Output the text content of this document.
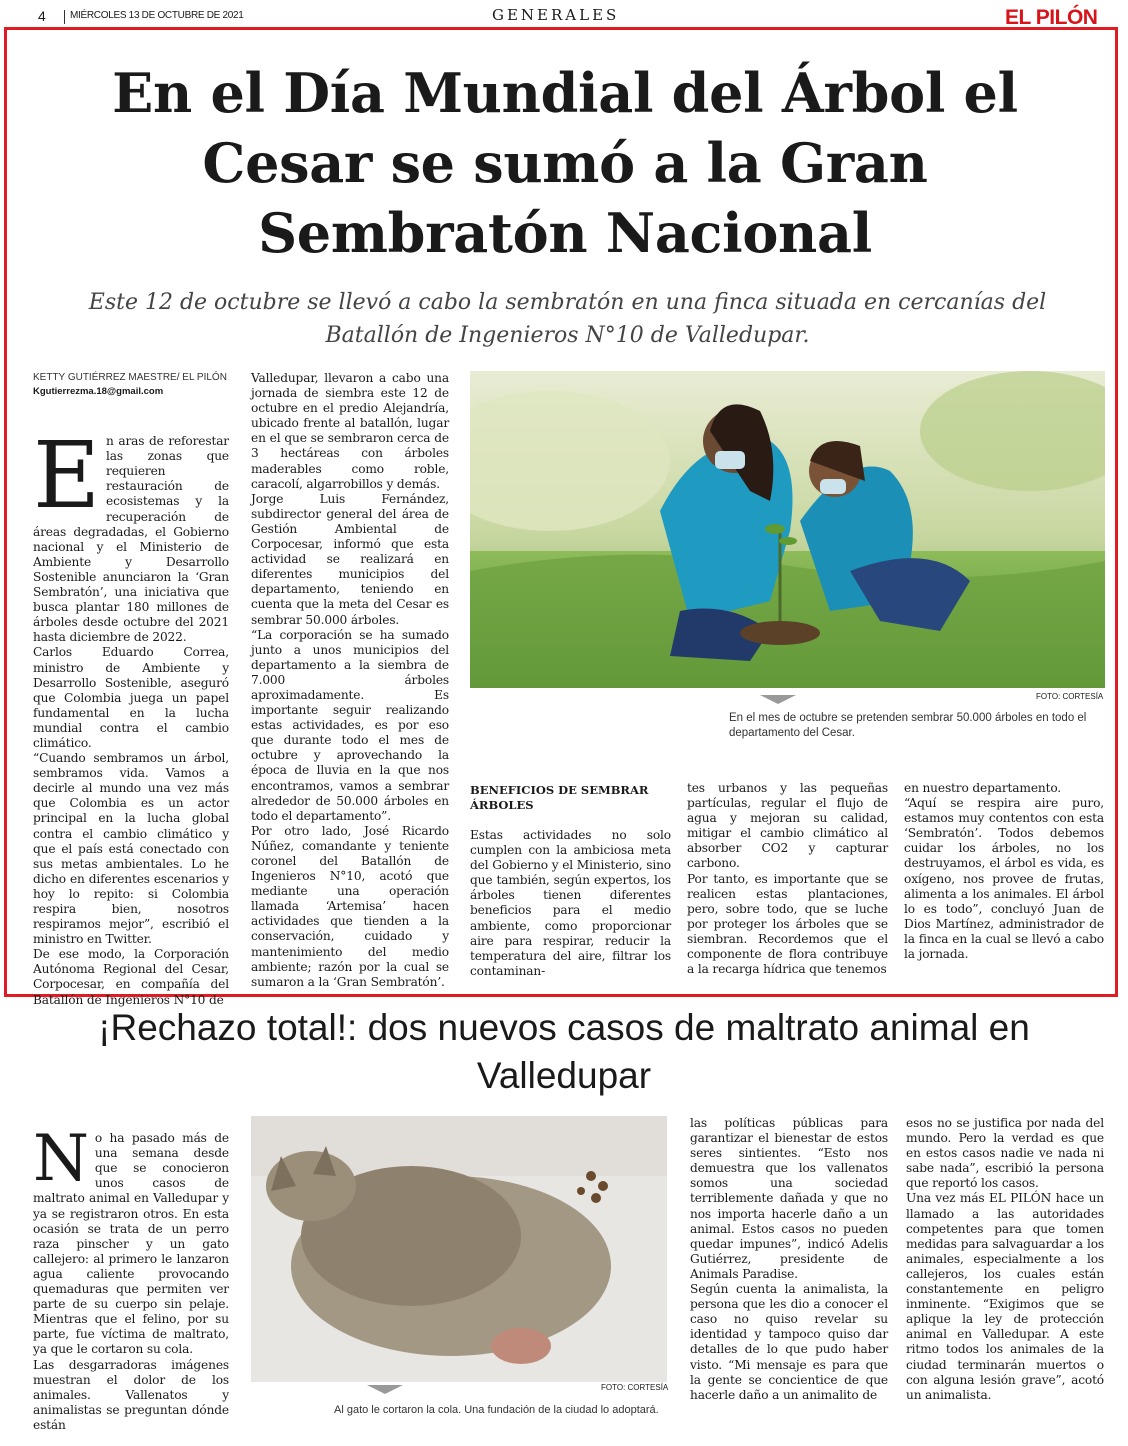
4 MIÉRCOLES 13 DE OCTUBRE DE 2021	GENERALES	EL PILÓN
En el Día Mundial del Árbol el Cesar se sumó a la Gran Sembratón Nacional
Este 12 de octubre se llevó a cabo la sembratón en una finca situada en cercanías del Batallón de Ingenieros N°10 de Valledupar.
KETTY GUTIÉRREZ MAESTRE/ EL PILÓN
Kgutierrezma.18@gmail.com

En aras de reforestar las zonas que requieren restauración de ecosistemas y la recuperación de áreas degradadas, el Gobierno nacional y el Ministerio de Ambiente y Desarrollo Sostenible anunciaron la ‘Gran Sembratón’, una iniciativa que busca plantar 180 millones de árboles desde octubre del 2021 hasta diciembre de 2022.
Carlos Eduardo Correa, ministro de Ambiente y Desarrollo Sostenible, aseguró que Colombia juega un papel fundamental en la lucha mundial contra el cambio climático.
“Cuando sembramos un árbol, sembramos vida. Vamos a decirle al mundo una vez más que Colombia es un actor principal en la lucha global contra el cambio climático y que el país está conectado con sus metas ambientales. Lo he dicho en diferentes escenarios y hoy lo repito: si Colombia respira bien, nosotros respiramos mejor”, escribió el ministro en Twitter.
De ese modo, la Corporación Autónoma Regional del Cesar, Corpocesar, en compañía del Batallón de Ingenieros N°10 de
Valledupar, llevaron a cabo una jornada de siembra este 12 de octubre en el predio Alejandría, ubicado frente al batallón, lugar en el que se sembraron cerca de 3 hectáreas con árboles maderables como roble, caracolí, algarrobillos y demás.
Jorge Luis Fernández, subdirector general del área de Gestión Ambiental de Corpocesar, informó que esta actividad se realizará en diferentes municipios del departamento, teniendo en cuenta que la meta del Cesar es sembrar 50.000 árboles.
“La corporación se ha sumado junto a unos municipios del departamento a la siembra de 7.000 árboles aproximadamente. Es importante seguir realizando estas actividades, es por eso que durante todo el mes de octubre y aprovechando la época de lluvia en la que nos encontramos, vamos a sembrar alrededor de 50.000 árboles en todo el departamento”.
Por otro lado, José Ricardo Núñez, comandante y teniente coronel del Batallón de Ingenieros N°10, acotó que mediante una operación llamada ‘Artemisa’ hacen actividades que tienden a la conservación, cuidado y mantenimiento del medio ambiente; razón por la cual se sumaron a la ‘Gran Sembratón’.
FOTO: CORTESÍA
En el mes de octubre se pretenden sembrar 50.000 árboles en todo el departamento del Cesar.
BENEFICIOS DE SEMBRAR ÁRBOLES
Estas actividades no solo cumplen con la ambiciosa meta del Gobierno y el Ministerio, sino que también, según expertos, los árboles tienen diferentes beneficios para el medio ambiente, como proporcionar aire para respirar, reducir la temperatura del aire, filtrar los contaminan-
tes urbanos y las pequeñas partículas, regular el flujo de agua y mejoran su calidad, mitigar el cambio climático al absorber CO2 y capturar carbono.
Por tanto, es importante que se realicen estas plantaciones, pero, sobre todo, que se luche por proteger los árboles que se siembran. Recordemos que el componente de flora contribuye a la recarga hídrica que tenemos
en nuestro departamento.
“Aquí se respira aire puro, estamos muy contentos con esta ‘Sembratón’. Todos debemos cuidar los árboles, no los destruyamos, el árbol es vida, es oxígeno, nos provee de frutas, alimenta a los animales. El árbol lo es todo”, concluyó Juan de Dios Martínez, administrador de la finca en la cual se llevó a cabo la jornada.
¡Rechazo total!: dos nuevos casos de maltrato animal en Valledupar

No ha pasado más de una semana desde que se conocieron unos casos de maltrato animal en Valledupar y ya se registraron otros. En esta ocasión se trata de un perro raza pinscher y un gato callejero: al primero le lanzaron agua caliente provocando quemaduras que permiten ver parte de su cuerpo sin pelaje. Mientras que el felino, por su parte, fue víctima de maltrato, ya que le cortaron su cola.
Las desgarradoras imágenes muestran el dolor de los animales. Vallenatos y animalistas se preguntan dónde están
FOTO: CORTESÍA
Al gato le cortaron la cola. Una fundación de la ciudad lo adoptará.
las políticas públicas para garantizar el bienestar de estos seres sintientes. “Esto nos demuestra que los vallenatos somos una sociedad terriblemente dañada y que no nos importa hacerle daño a un animal. Estos casos no pueden quedar impunes”, indicó Adelis Gutiérrez, presidente de Animals Paradise.
Según cuenta la animalista, la persona que les dio a conocer el caso no quiso revelar su identidad y tampoco quiso dar detalles de lo que pudo haber visto. “Mi mensaje es para que la gente se concientice de que hacerle daño a un animalito de
esos no se justifica por nada del mundo. Pero la verdad es que en estos casos nadie ve nada ni sabe nada”, escribió la persona que reportó los casos.
Una vez más EL PILÓN hace un llamado a las autoridades competentes para que tomen medidas para salvaguardar a los animales, especialmente a los callejeros, los cuales están constantemente en peligro inminente. “Exigimos que se aplique la ley de protección animal en Valledupar. A este ritmo todos los animales de la ciudad terminarán muertos o con alguna lesión grave”, acotó un animalista.
